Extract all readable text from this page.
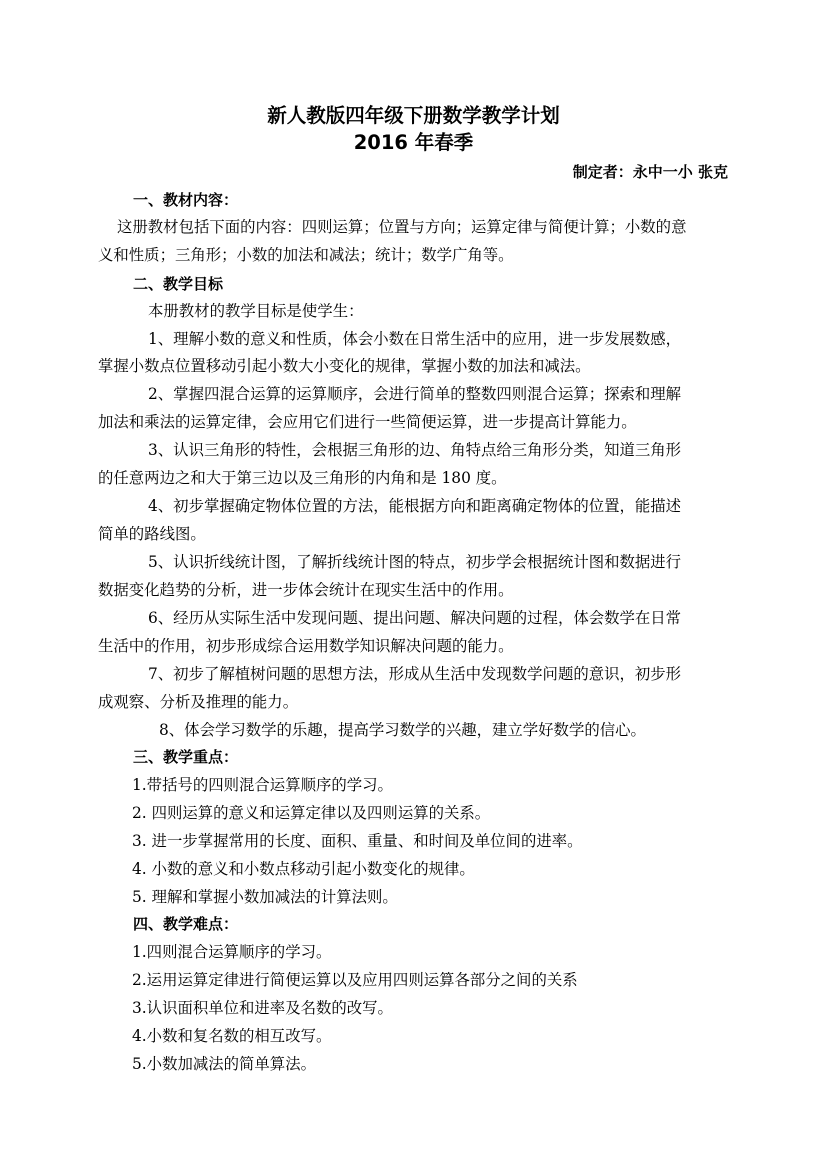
新人教版四年级下册数学教学计划
2016 年春季
制定者：永中一小 张克
一、教材内容：
这册教材包括下面的内容：四则运算；位置与方向；运算定律与简便计算；小数的意
义和性质；三角形；小数的加法和减法；统计；数学广角等。
二、教学目标
本册教材的教学目标是使学生：
1、理解小数的意义和性质，体会小数在日常生活中的应用，进一步发展数感，
掌握小数点位置移动引起小数大小变化的规律，掌握小数的加法和减法。
2、掌握四混合运算的运算顺序，会进行简单的整数四则混合运算；探索和理解
加法和乘法的运算定律，会应用它们进行一些简便运算，进一步提高计算能力。
3、认识三角形的特性，会根据三角形的边、角特点给三角形分类，知道三角形
的任意两边之和大于第三边以及三角形的内角和是 180 度。
4、初步掌握确定物体位置的方法，能根据方向和距离确定物体的位置，能描述
简单的路线图。
5、认识折线统计图，了解折线统计图的特点，初步学会根据统计图和数据进行
数据变化趋势的分析，进一步体会统计在现实生活中的作用。
6、经历从实际生活中发现问题、提出问题、解决问题的过程，体会数学在日常
生活中的作用，初步形成综合运用数学知识解决问题的能力。
7、初步了解植树问题的思想方法，形成从生活中发现数学问题的意识，初步形
成观察、分析及推理的能力。
8、体会学习数学的乐趣，提高学习数学的兴趣，建立学好数学的信心。
三、教学重点：
1.带括号的四则混合运算顺序的学习。
2. 四则运算的意义和运算定律以及四则运算的关系。
3. 进一步掌握常用的长度、面积、重量、和时间及单位间的进率。
4. 小数的意义和小数点移动引起小数变化的规律。
5. 理解和掌握小数加减法的计算法则。
四、教学难点：
1.四则混合运算顺序的学习。
2.运用运算定律进行简便运算以及应用四则运算各部分之间的关系
3.认识面积单位和进率及名数的改写。
4.小数和复名数的相互改写。
5.小数加减法的简单算法。
